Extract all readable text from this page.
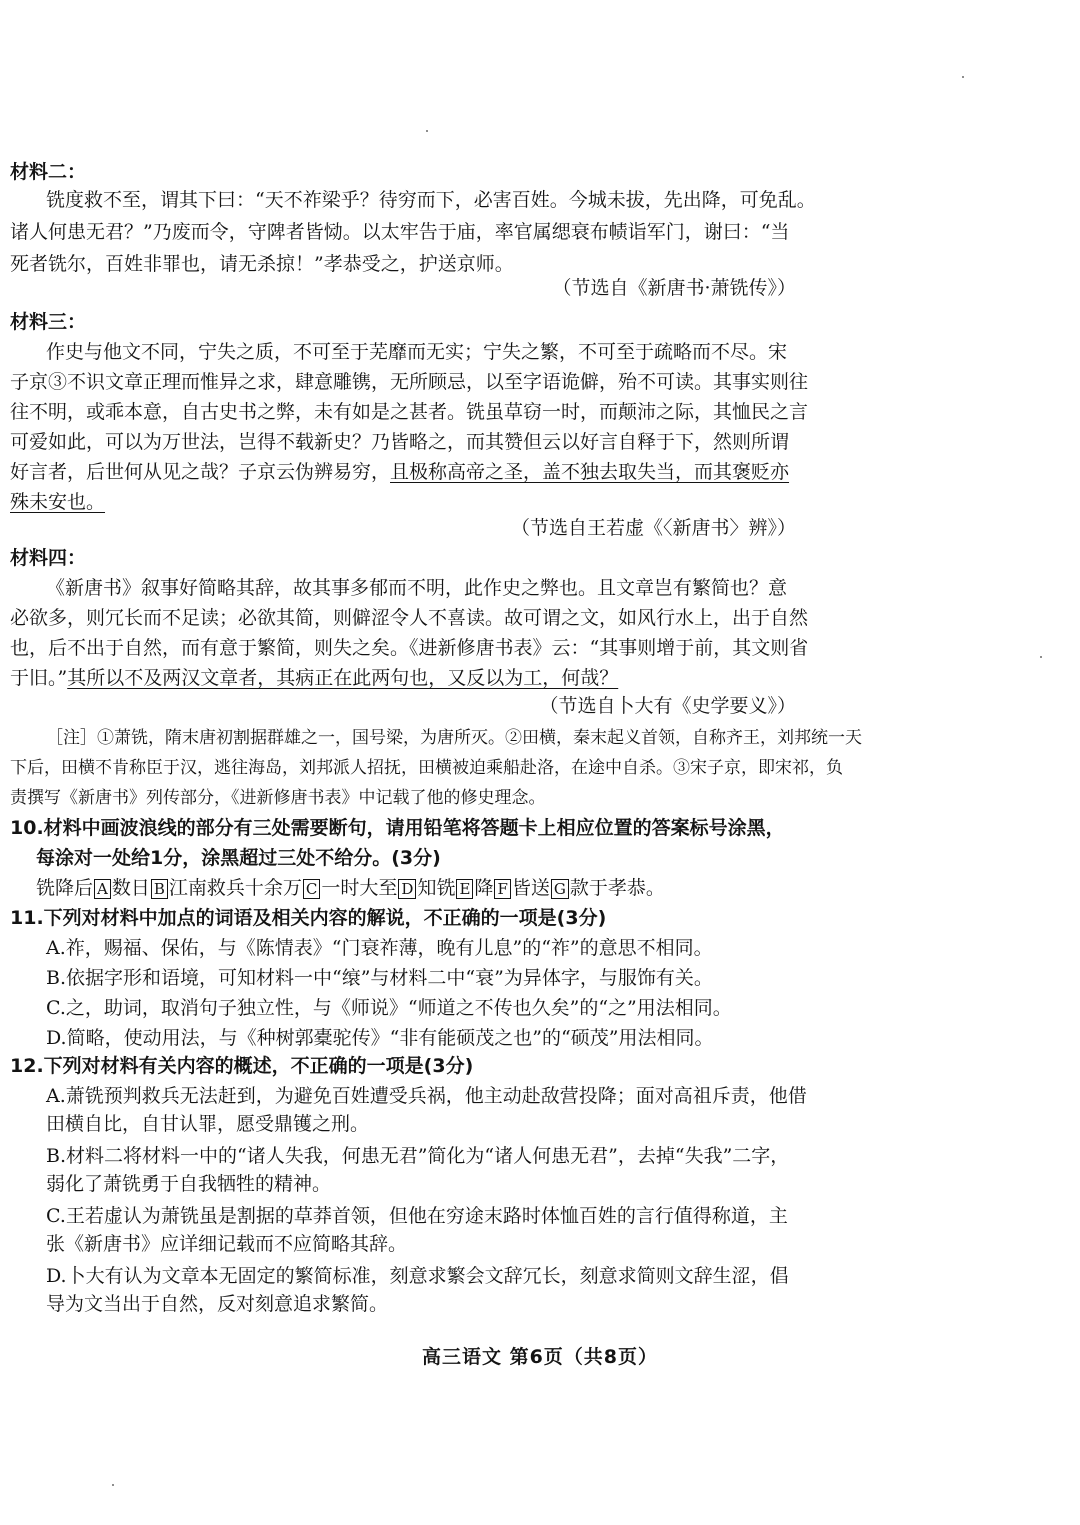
材料二：
铣度救不至，谓其下曰：“天不祚梁乎？待穷而下，必害百姓。今城未拔，先出降，可免乱。
诸人何患无君？”乃废而令，守陴者皆恸。以太牢告于庙，率官属缌衰布帻诣军门，谢曰：“当
死者铣尔，百姓非罪也，请无杀掠！”孝恭受之，护送京师。
（节选自《新唐书·萧铣传》）
材料三：
作史与他文不同，宁失之质，不可至于芜靡而无实；宁失之繁，不可至于疏略而不尽。宋
子京③不识文章正理而惟异之求，肆意雕镌，无所顾忌，以至字语诡僻，殆不可读。其事实则往
往不明，或乖本意，自古史书之弊，未有如是之甚者。铣虽草窃一时，而颠沛之际，其恤民之言
可爱如此，可以为万世法，岂得不载新史？乃皆略之，而其赞但云以好言自释于下，然则所谓
好言者，后世何从见之哉？子京云伪辨易穷，且极称高帝之圣，盖不独去取失当，而其褒贬亦
殊未安也。
（节选自王若虚《〈新唐书〉辨》）
材料四：
《新唐书》叙事好简略其辞，故其事多郁而不明，此作史之弊也。且文章岂有繁简也？意
必欲多，则冗长而不足读；必欲其简，则僻涩令人不喜读。故可谓之文，如风行水上，出于自然
也，后不出于自然，而有意于繁简，则失之矣。《进新修唐书表》云：“其事则增于前，其文则省
于旧。”其所以不及两汉文章者，其病正在此两句也，又反以为工，何哉？
（节选自卜大有《史学要义》）
［注］①萧铣，隋末唐初割据群雄之一，国号梁，为唐所灭。②田横，秦末起义首领，自称齐王，刘邦统一天
下后，田横不肯称臣于汉，逃往海岛，刘邦派人招抚，田横被迫乘船赴洛，在途中自杀。③宋子京，即宋祁，负
责撰写《新唐书》列传部分，《进新修唐书表》中记载了他的修史理念。
10.材料中画波浪线的部分有三处需要断句，请用铅笔将答题卡上相应位置的答案标号涂黑，
每涂对一处给1分，涂黑超过三处不给分。(3分)
铣降后 A 数日 B 江南救兵十余万 C 一时大至 D 知铣 E 降 F 皆送 G 款于孝恭。
11.下列对材料中加点的词语及相关内容的解说，不正确的一项是(3分)
A.祚，赐福、保佑，与《陈情表》“门衰祚薄，晚有儿息”的“祚”的意思不相同。
B.依据字形和语境，可知材料一中“缞”与材料二中“衰”为异体字，与服饰有关。
C.之，助词，取消句子独立性，与《师说》“师道之不传也久矣”的“之”用法相同。
D.简略，使动用法，与《种树郭橐驼传》“非有能硕茂之也”的“硕茂”用法相同。
12.下列对材料有关内容的概述，不正确的一项是(3分)
A.萧铣预判救兵无法赶到，为避免百姓遭受兵祸，他主动赴敌营投降；面对高祖斥责，他借
田横自比，自甘认罪，愿受鼎镬之刑。
B.材料二将材料一中的“诸人失我，何患无君”简化为“诸人何患无君”，去掉“失我”二字，
弱化了萧铣勇于自我牺牲的精神。
C.王若虚认为萧铣虽是割据的草莽首领，但他在穷途末路时体恤百姓的言行值得称道，主
张《新唐书》应详细记载而不应简略其辞。
D.卜大有认为文章本无固定的繁简标准，刻意求繁会文辞冗长，刻意求简则文辞生涩，倡
导为文当出于自然，反对刻意追求繁简。
高三语文 第6页（共8页）
